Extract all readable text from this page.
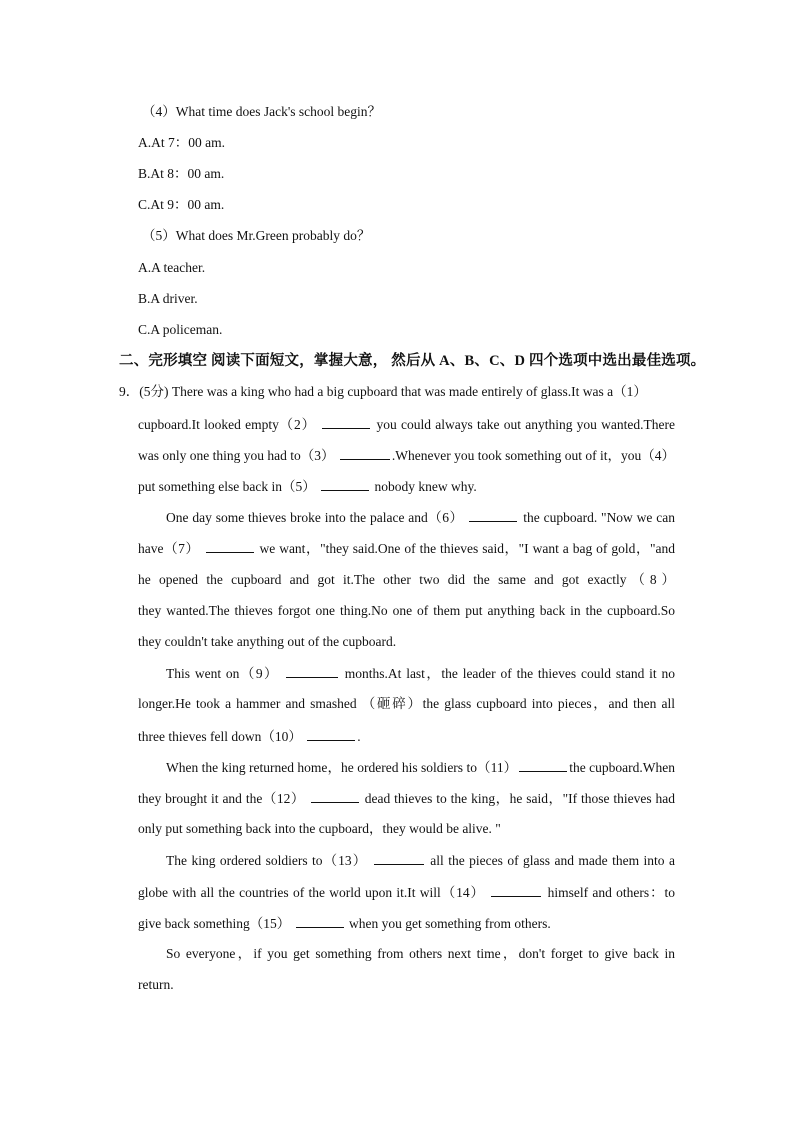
（4）What time does Jack's school begin？
A.At 7：00 am.
B.At 8：00 am.
C.At 9：00 am.
（5）What does Mr.Green probably do？
A.A teacher.
B.A driver.
C.A policeman.
二、完形填空 阅读下面短文，掌握大意， 然后从 A、B、C、D 四个选项中选出最佳选项。
9．(5分) There was a king who had a big cupboard that was made entirely of glass.It was a（1）
cupboard.It looked empty（2）	you could always take out anything you wanted.There
was only one thing you had to（3）	.Whenever you took something out of it，you（4）
put something else back in（5）	nobody knew why.
One day some thieves broke into the palace and（6）	the cupboard. "Now we can
have（7）	we want，"they said.One of the thieves said，"I want a bag of gold，"and
he opened the cupboard and got it.The other two did the same and got exactly（8）
they wanted.The thieves forgot one thing.No one of them put anything back in the cupboard.So
they couldn't take anything out of the cupboard.
This went on（9）	months.At last，the leader of the thieves could stand it no
longer.He took a hammer and smashed （砸碎）the glass cupboard into pieces，and then all
three thieves fell down（10）	.
When the king returned home，he ordered his soldiers to（11）	the cupboard.When
they brought it and the（12）	dead thieves to the king，he said，"If those thieves had
only put something back into the cupboard，they would be alive. "
The king ordered soldiers to（13）	all the pieces of glass and made them into a
globe with all the countries of the world upon it.It will（14）	himself and others：to
give back something（15）	when you get something from others.
So everyone，if you get something from others next time，don't forget to give back in
return.
